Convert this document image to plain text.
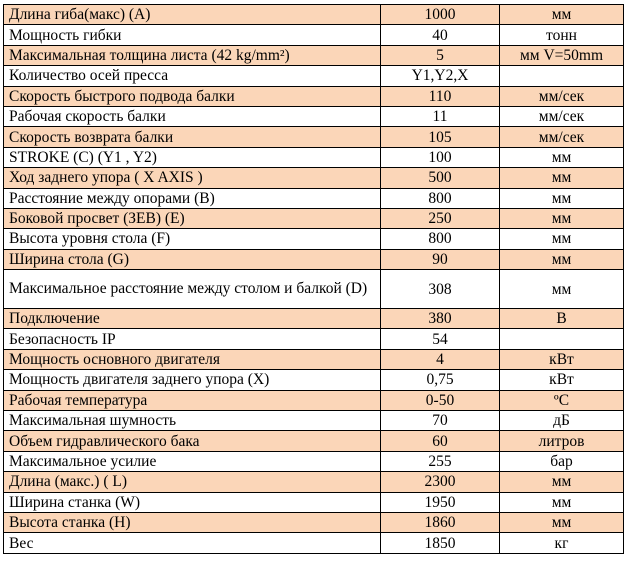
Длина гиба(макс) (A)	1000	мм
Мощность гибки	40	тонн
Максимальная толщина листа (42 kg/mm²)	5	мм V=50mm
Количество осей пресса	Y1,Y2,X	
Скорость быстрого подвода балки	110	мм/сек
Рабочая скорость балки	11	мм/сек
Скорость возврата балки	105	мм/сек
STROKE (C) (Y1 , Y2)	100	мм
Ход заднего упора ( X AXIS )	500	мм
Расстояние между опорами (B)	800	мм
Боковой просвет (ЗЕВ) (E)	250	мм
Высота уровня стола (F)	800	мм
Ширина стола (G)	90	мм
Максимальное расстояние между столом и балкой (D)	308	мм
Подключение	380	В
Безопасность IP	54	
Мощность основного двигателя	4	кВт
Мощность двигателя заднего упора (X)	0,75	кВт
Рабочая температура	0-50	ºC
Максимальная шумность	70	дБ
Объем гидравлического бака	60	литров
Максимальное усилие	255	бар
Длина (макс.) ( L)	2300	мм
Ширина станка (W)	1950	мм
Высота станка (H)	1860	мм
Вес	1850	кг
